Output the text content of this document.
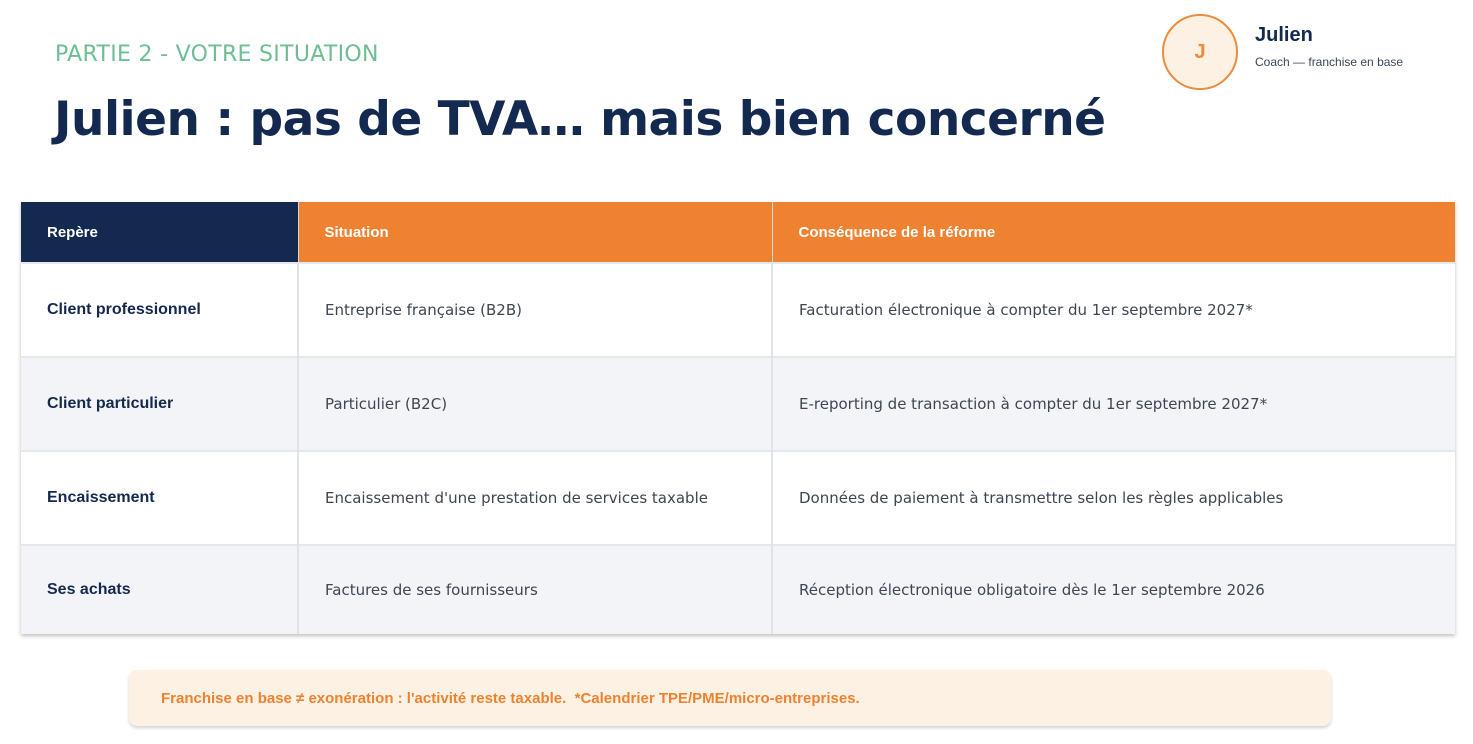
PARTIE 2 - VOTRE SITUATION
Julien : pas de TVA… mais bien concerné
J
Julien
Coach — franchise en base
Repère	Situation	Conséquence de la réforme
Client professionnel	Entreprise française (B2B)	Facturation électronique à compter du 1er septembre 2027*
Client particulier	Particulier (B2C)	E-reporting de transaction à compter du 1er septembre 2027*
Encaissement	Encaissement d'une prestation de services taxable	Données de paiement à transmettre selon les règles applicables
Ses achats	Factures de ses fournisseurs	Réception électronique obligatoire dès le 1er septembre 2026
Franchise en base ≠ exonération : l'activité reste taxable.  *Calendrier TPE/PME/micro-entreprises.
